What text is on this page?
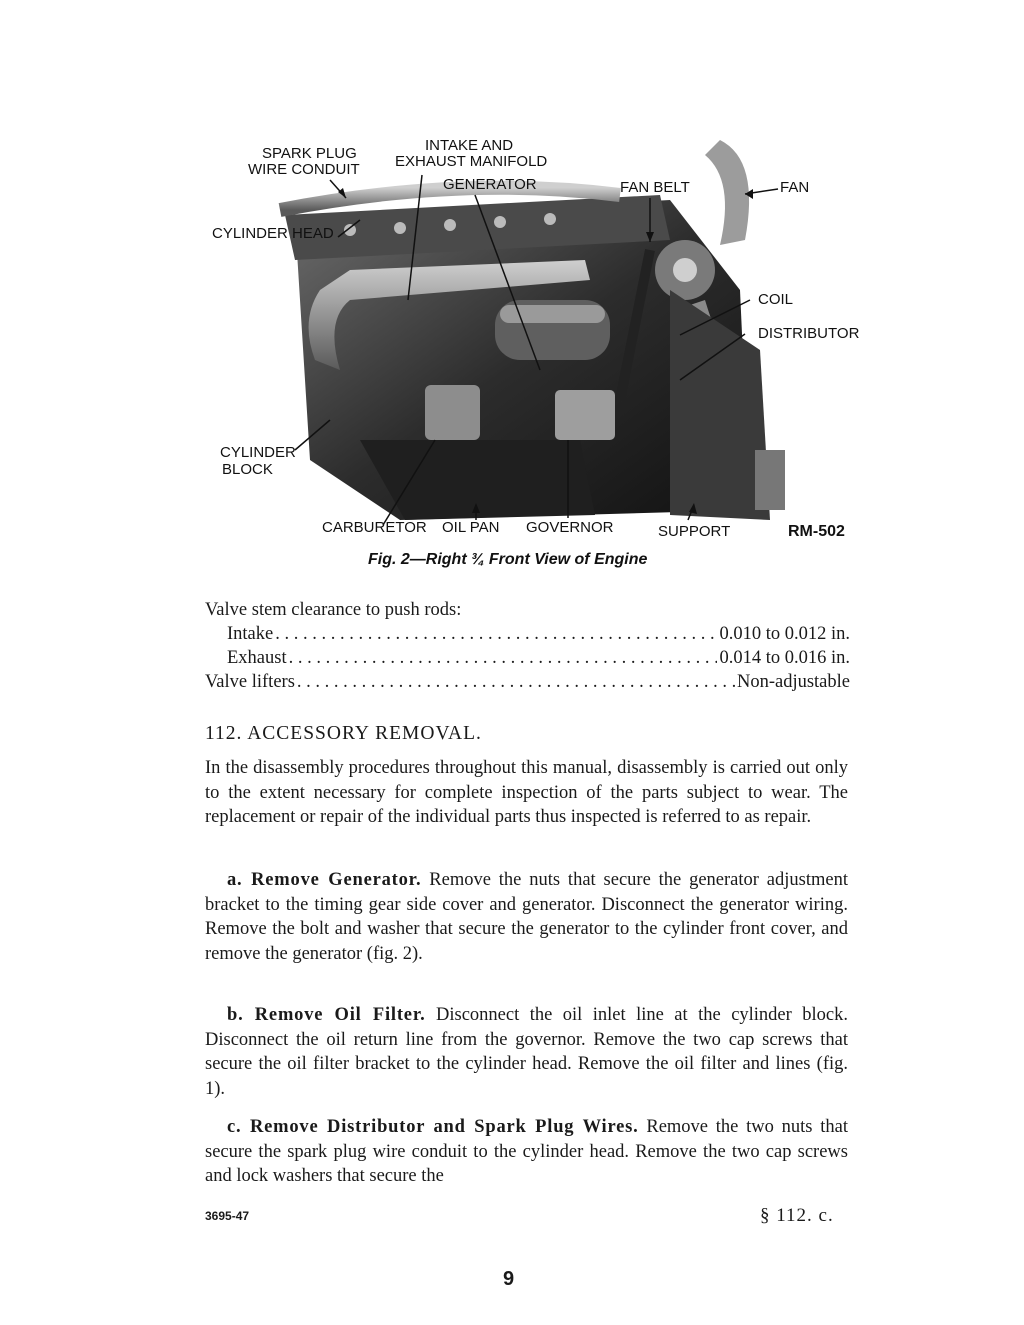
SPARK PLUG
WIRE CONDUIT
INTAKE AND
EXHAUST MANIFOLD
GENERATOR	FAN BELT	FAN
CYLINDER HEAD
COIL
DISTRIBUTOR
CYLINDER
BLOCK
CARBURETOR OIL PAN GOVERNOR	SUPPORT	RM-502
Fig. 2—Right ¾ Front View of Engine
Valve stem clearance to push rods:
Intake . . .	0.010 to 0.012 in.
Exhaust . . .	0.014 to 0.016 in.
Valve lifters . . .	Non-adjustable
112. ACCESSORY REMOVAL.

In the disassembly procedures throughout this manual, disassembly is carried out only to the extent necessary for complete inspection of the parts subject to wear. The replacement or repair of the individual parts thus inspected is referred to as repair.

a. Remove Generator. Remove the nuts that secure the generator adjustment bracket to the timing gear side cover and generator. Disconnect the generator wiring. Remove the bolt and washer that secure the generator to the cylinder front cover, and remove the generator (fig. 2).

b. Remove Oil Filter. Disconnect the oil inlet line at the cylinder block. Disconnect the oil return line from the governor. Remove the two cap screws that secure the oil filter bracket to the cylinder head. Remove the oil filter and lines (fig. 1).

c. Remove Distributor and Spark Plug Wires. Remove the two nuts that secure the spark plug wire conduit to the cylinder head. Remove the two cap screws and lock washers that secure the

3695-47	§ 112. c.
9
